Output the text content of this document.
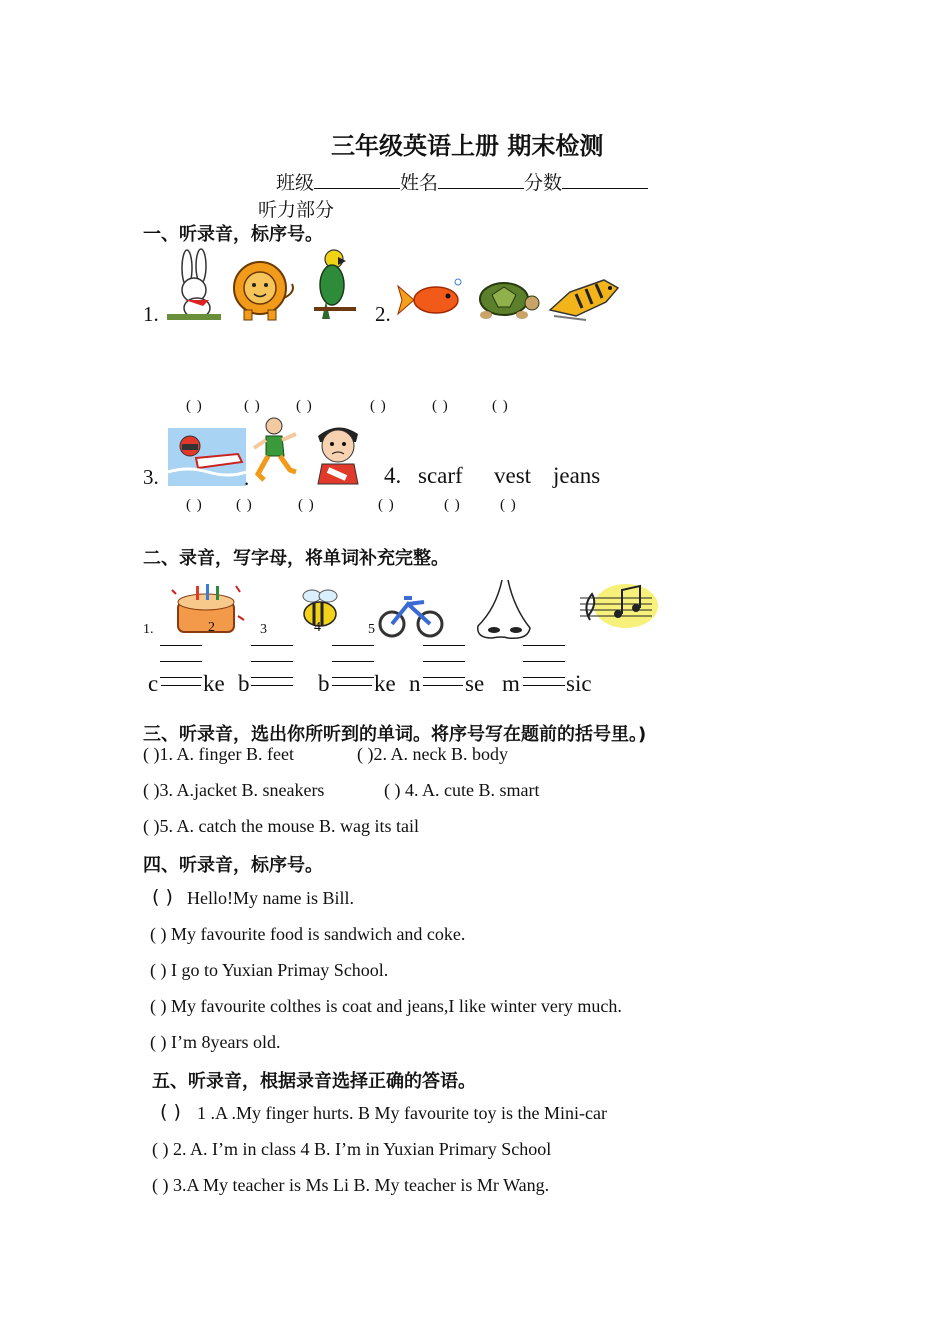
三年级英语上册 期末检测
班级	姓名	分数
听力部分
一、听录音，标序号。
1.	2.
( )	( ) ( )	( )	( )	( )
3.	.	4. scarf vest jeans
( ) ( )	( )	( )	( )	( )
二、录音，写字母，将单词补充完整。
1.	2	3	4	5
c ke b	b ke n se m sic
三、听录音，选出你所听到的单词。将序号写在题前的括号里。)
( )1. A. finger B. feet	( )2. A. neck B. body
( )3. A.jacket B. sneakers	( ) 4. A. cute B. smart
( )5. A. catch the mouse B. wag its tail
四、听录音，标序号。
( ) Hello!My name is Bill.
( ) My favourite food is sandwich and coke.
( ) I go to Yuxian Primay School.
( ) My favourite colthes is coat and jeans,I like winter very much.
( ) I’m 8years old.
五、听录音，根据录音选择正确的答语。
( ) 1 .A .My finger hurts. B My favourite toy is the Mini-car
( ) 2. A. I’m in class 4 B. I’m in Yuxian Primary School
( ) 3.A My teacher is Ms Li B. My teacher is Mr Wang.
